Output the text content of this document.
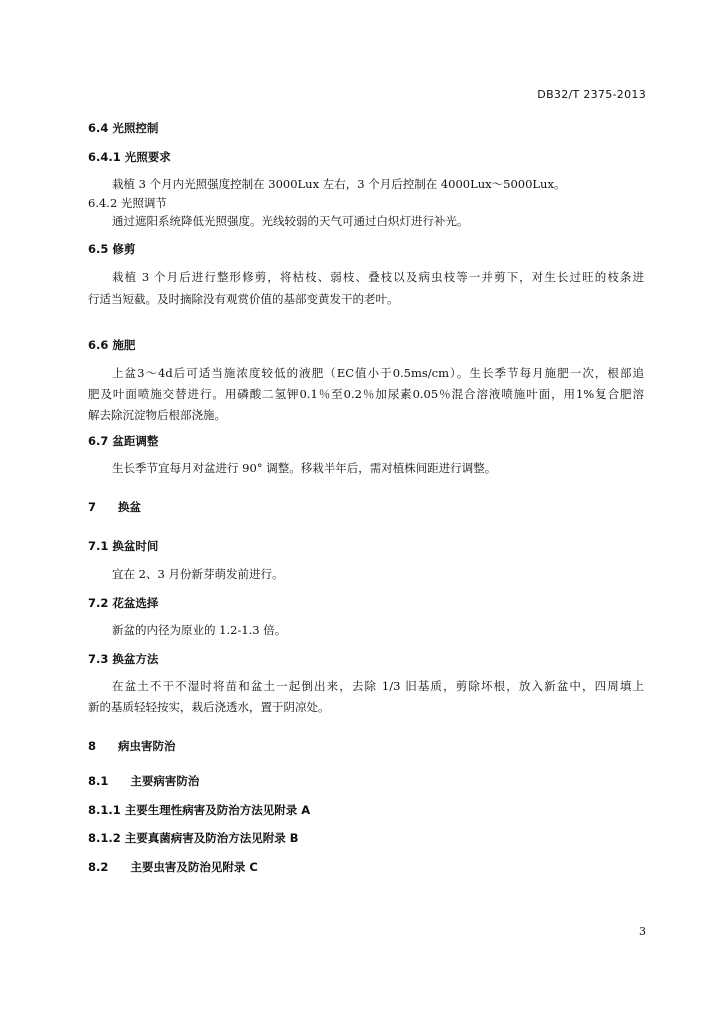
DB32/T 2375-2013
6.4 光照控制
6.4.1 光照要求
栽植 3 个月内光照强度控制在 3000Lux 左右，3 个月后控制在 4000Lux～5000Lux。
6.4.2 光照调节
通过遮阳系统降低光照强度。光线较弱的天气可通过白炽灯进行补光。
6.5 修剪
栽植 3 个月后进行整形修剪，将枯枝、弱枝、叠枝以及病虫枝等一并剪下，对生长过旺的枝条进
行适当短截。及时摘除没有观赏价值的基部变黄发干的老叶。
6.6 施肥
上盆3～4d后可适当施浓度较低的液肥（EC值小于0.5ms/cm）。生长季节每月施肥一次，根部追
肥及叶面喷施交替进行。用磷酸二氢钾0.1％至0.2％加尿素0.05％混合溶液喷施叶面，用1%复合肥溶
解去除沉淀物后根部浇施。
6.7 盆距调整
生长季节宜每月对盆进行 90° 调整。移栽半年后，需对植株间距进行调整。
7 换盆
7.1 换盆时间
宜在 2、3 月份新芽萌发前进行。
7.2 花盆选择
新盆的内径为原业的 1.2-1.3 倍。
7.3 换盆方法
在盆土不干不湿时将苗和盆土一起倒出来，去除 1/3 旧基质，剪除坏根，放入新盆中，四周填上
新的基质轻轻按实，栽后浇透水，置于阴凉处。
8 病虫害防治
8.1 主要病害防治
8.1.1 主要生理性病害及防治方法见附录 A
8.1.2 主要真菌病害及防治方法见附录 B
8.2 主要虫害及防治见附录 C
3
